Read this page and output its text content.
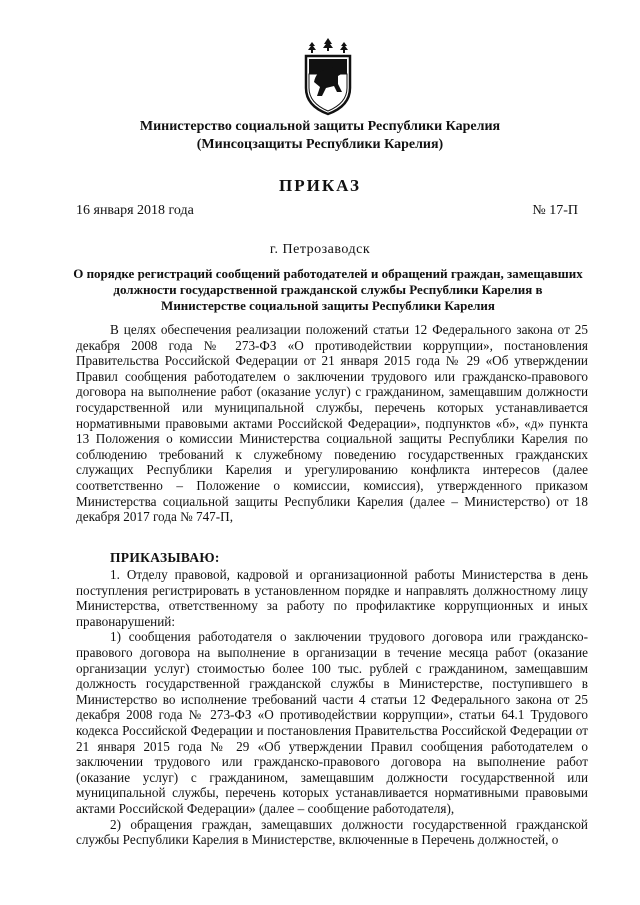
Министерство социальной защиты Республики Карелия
(Минсоцзащиты Республики Карелия)
ПРИКАЗ
16 января 2018 года	№ 17-П
г. Петрозаводск
О порядке регистраций сообщений работодателей и обращений граждан, замещавших должности государственной гражданской службы Республики Карелия в Министерстве социальной защиты Республики Карелия

В целях обеспечения реализации положений статьи 12 Федерального закона от 25 декабря 2008 года № 273-ФЗ «О противодействии коррупции», постановления Правительства Российской Федерации от 21 января 2015 года № 29 «Об утверждении Правил сообщения работодателем о заключении трудового или гражданско-правового договора на выполнение работ (оказание услуг) с гражданином, замещавшим должности государственной или муниципальной службы, перечень которых устанавливается нормативными правовыми актами Российской Федерации», подпунктов «б», «д» пункта 13 Положения о комиссии Министерства социальной защиты Республики Карелия по соблюдению требований к служебному поведению государственных гражданских служащих Республики Карелия и урегулированию конфликта интересов (далее соответственно – Положение о комиссии, комиссия), утвержденного приказом Министерства социальной защиты Республики Карелия (далее – Министерство) от 18 декабря 2017 года № 747-П,

ПРИКАЗЫВАЮ:

1. Отделу правовой, кадровой и организационной работы Министерства в день поступления регистрировать в установленном порядке и направлять должностному лицу Министерства, ответственному за работу по профилактике коррупционных и иных правонарушений:

1) сообщения работодателя о заключении трудового договора или гражданско-правового договора на выполнение в организации в течение месяца работ (оказание организации услуг) стоимостью более 100 тыс. рублей с гражданином, замещавшим должность государственной гражданской службы в Министерстве, поступившего в Министерство во исполнение требований части 4 статьи 12 Федерального закона от 25 декабря 2008 года № 273-ФЗ «О противодействии коррупции», статьи 64.1 Трудового кодекса Российской Федерации и постановления Правительства Российской Федерации от 21 января 2015 года № 29 «Об утверждении Правил сообщения работодателем о заключении трудового или гражданско-правового договора на выполнение работ (оказание услуг) с гражданином, замещавшим должности государственной или муниципальной службы, перечень которых устанавливается нормативными правовыми актами Российской Федерации» (далее – сообщение работодателя),

2) обращения граждан, замещавших должности государственной гражданской службы Республики Карелия в Министерстве, включенные в Перечень должностей, о
